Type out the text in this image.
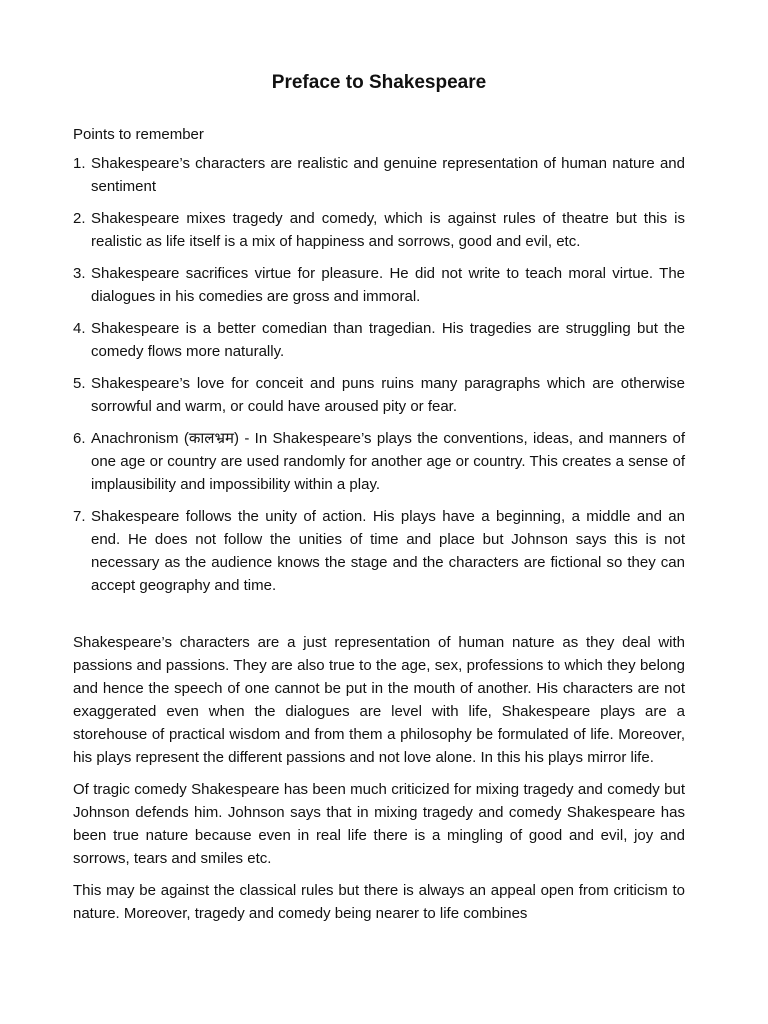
Preface to Shakespeare
Points to remember
1. Shakespeare’s characters are realistic and genuine representation of human nature and sentiment
2. Shakespeare mixes tragedy and comedy, which is against rules of theatre but this is realistic as life itself is a mix of happiness and sorrows, good and evil, etc.
3. Shakespeare sacrifices virtue for pleasure. He did not write to teach moral virtue. The dialogues in his comedies are gross and immoral.
4. Shakespeare is a better comedian than tragedian. His tragedies are struggling but the comedy flows more naturally.
5. Shakespeare’s love for conceit and puns ruins many paragraphs which are otherwise sorrowful and warm, or could have aroused pity or fear.
6. Anachronism (कालभ्रम) - In Shakespeare’s plays the conventions, ideas, and manners of one age or country are used randomly for another age or country. This creates a sense of implausibility and impossibility within a play.
7. Shakespeare follows the unity of action. His plays have a beginning, a middle and an end. He does not follow the unities of time and place but Johnson says this is not necessary as the audience knows the stage and the characters are fictional so they can accept geography and time.

Shakespeare’s characters are a just representation of human nature as they deal with passions and passions. They are also true to the age, sex, professions to which they belong and hence the speech of one cannot be put in the mouth of another. His characters are not exaggerated even when the dialogues are level with life, Shakespeare plays are a storehouse of practical wisdom and from them a philosophy be formulated of life. Moreover, his plays represent the different passions and not love alone. In this his plays mirror life.

Of tragic comedy Shakespeare has been much criticized for mixing tragedy and comedy but Johnson defends him. Johnson says that in mixing tragedy and comedy Shakespeare has been true nature because even in real life there is a mingling of good and evil, joy and sorrows, tears and smiles etc.

This may be against the classical rules but there is always an appeal open from criticism to nature. Moreover, tragedy and comedy being nearer to life combines
